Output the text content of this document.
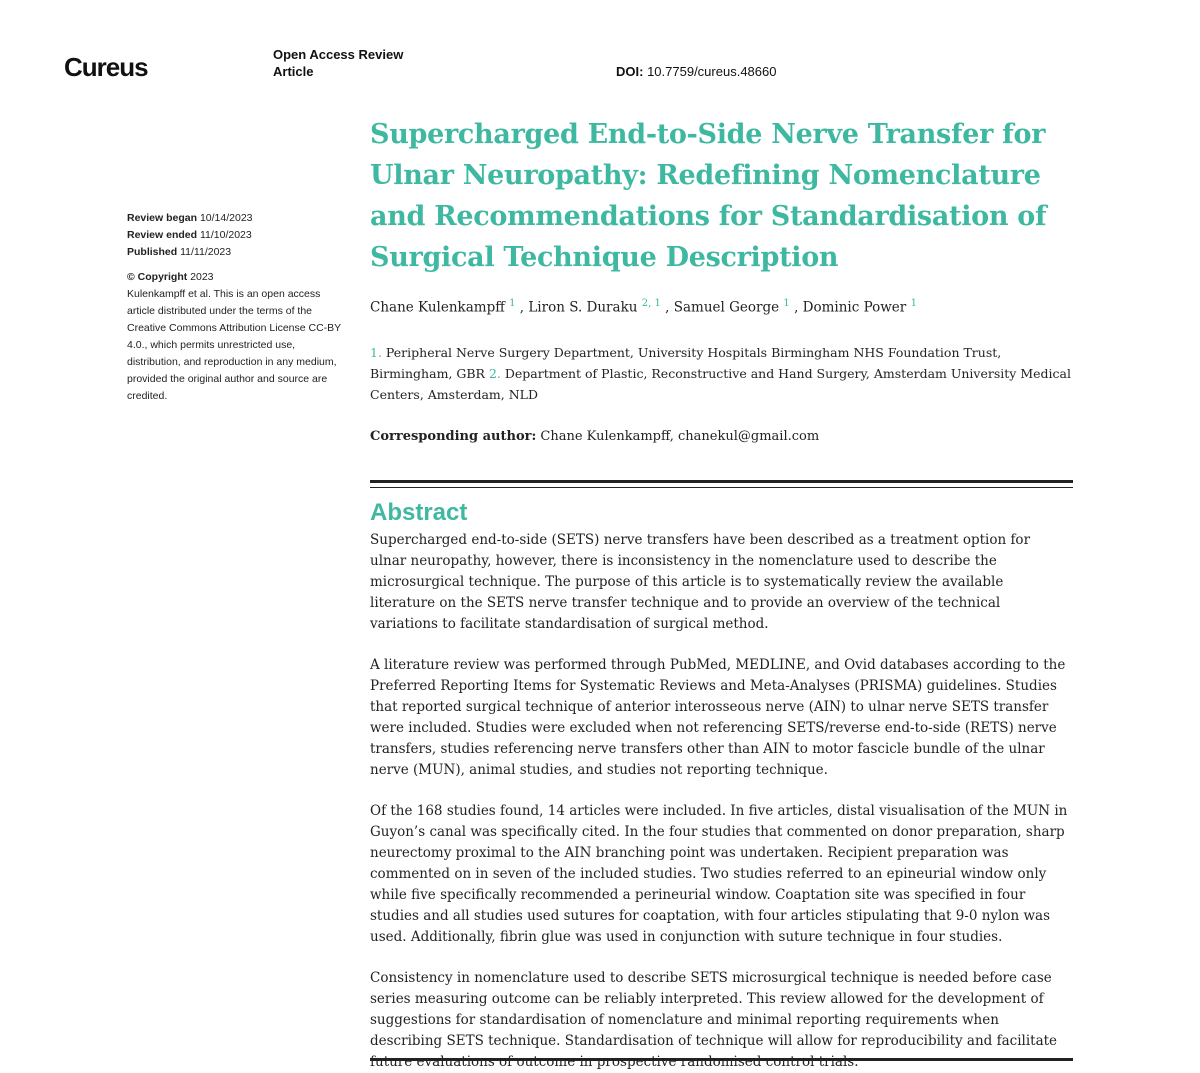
Cureus	Open Access Review Article	DOI: 10.7759/cureus.48660
Review began 10/14/2023
Review ended 11/10/2023
Published 11/11/2023
© Copyright 2023
Kulenkampff et al. This is an open access article distributed under the terms of the Creative Commons Attribution License CC-BY 4.0., which permits unrestricted use, distribution, and reproduction in any medium, provided the original author and source are credited.
Supercharged End-to-Side Nerve Transfer for Ulnar Neuropathy: Redefining Nomenclature and Recommendations for Standardisation of Surgical Technique Description
Chane Kulenkampff $^1$ , Liron S. Duraku $^{2, 1}$ , Samuel George $^1$ , Dominic Power $^1$
1. Peripheral Nerve Surgery Department, University Hospitals Birmingham NHS Foundation Trust, Birmingham, GBR 2. Department of Plastic, Reconstructive and Hand Surgery, Amsterdam University Medical Centers, Amsterdam, NLD
Corresponding author: Chane Kulenkampff, chanekul@gmail.com
Abstract

Supercharged end-to-side (SETS) nerve transfers have been described as a treatment option for ulnar neuropathy, however, there is inconsistency in the nomenclature used to describe the microsurgical technique. The purpose of this article is to systematically review the available literature on the SETS nerve transfer technique and to provide an overview of the technical variations to facilitate standardisation of surgical method.

A literature review was performed through PubMed, MEDLINE, and Ovid databases according to the Preferred Reporting Items for Systematic Reviews and Meta-Analyses (PRISMA) guidelines. Studies that reported surgical technique of anterior interosseous nerve (AIN) to ulnar nerve SETS transfer were included. Studies were excluded when not referencing SETS/reverse end-to-side (RETS) nerve transfers, studies referencing nerve transfers other than AIN to motor fascicle bundle of the ulnar nerve (MUN), animal studies, and studies not reporting technique.

Of the 168 studies found, 14 articles were included. In five articles, distal visualisation of the MUN in Guyon’s canal was specifically cited. In the four studies that commented on donor preparation, sharp neurectomy proximal to the AIN branching point was undertaken. Recipient preparation was commented on in seven of the included studies. Two studies referred to an epineurial window only while five specifically recommended a perineurial window. Coaptation site was specified in four studies and all studies used sutures for coaptation, with four articles stipulating that 9-0 nylon was used. Additionally, fibrin glue was used in conjunction with suture technique in four studies.

Consistency in nomenclature used to describe SETS microsurgical technique is needed before case series measuring outcome can be reliably interpreted. This review allowed for the development of suggestions for standardisation of nomenclature and minimal reporting requirements when describing SETS technique. Standardisation of technique will allow for reproducibility and facilitate future evaluations of outcome in prospective randomised control trials.
